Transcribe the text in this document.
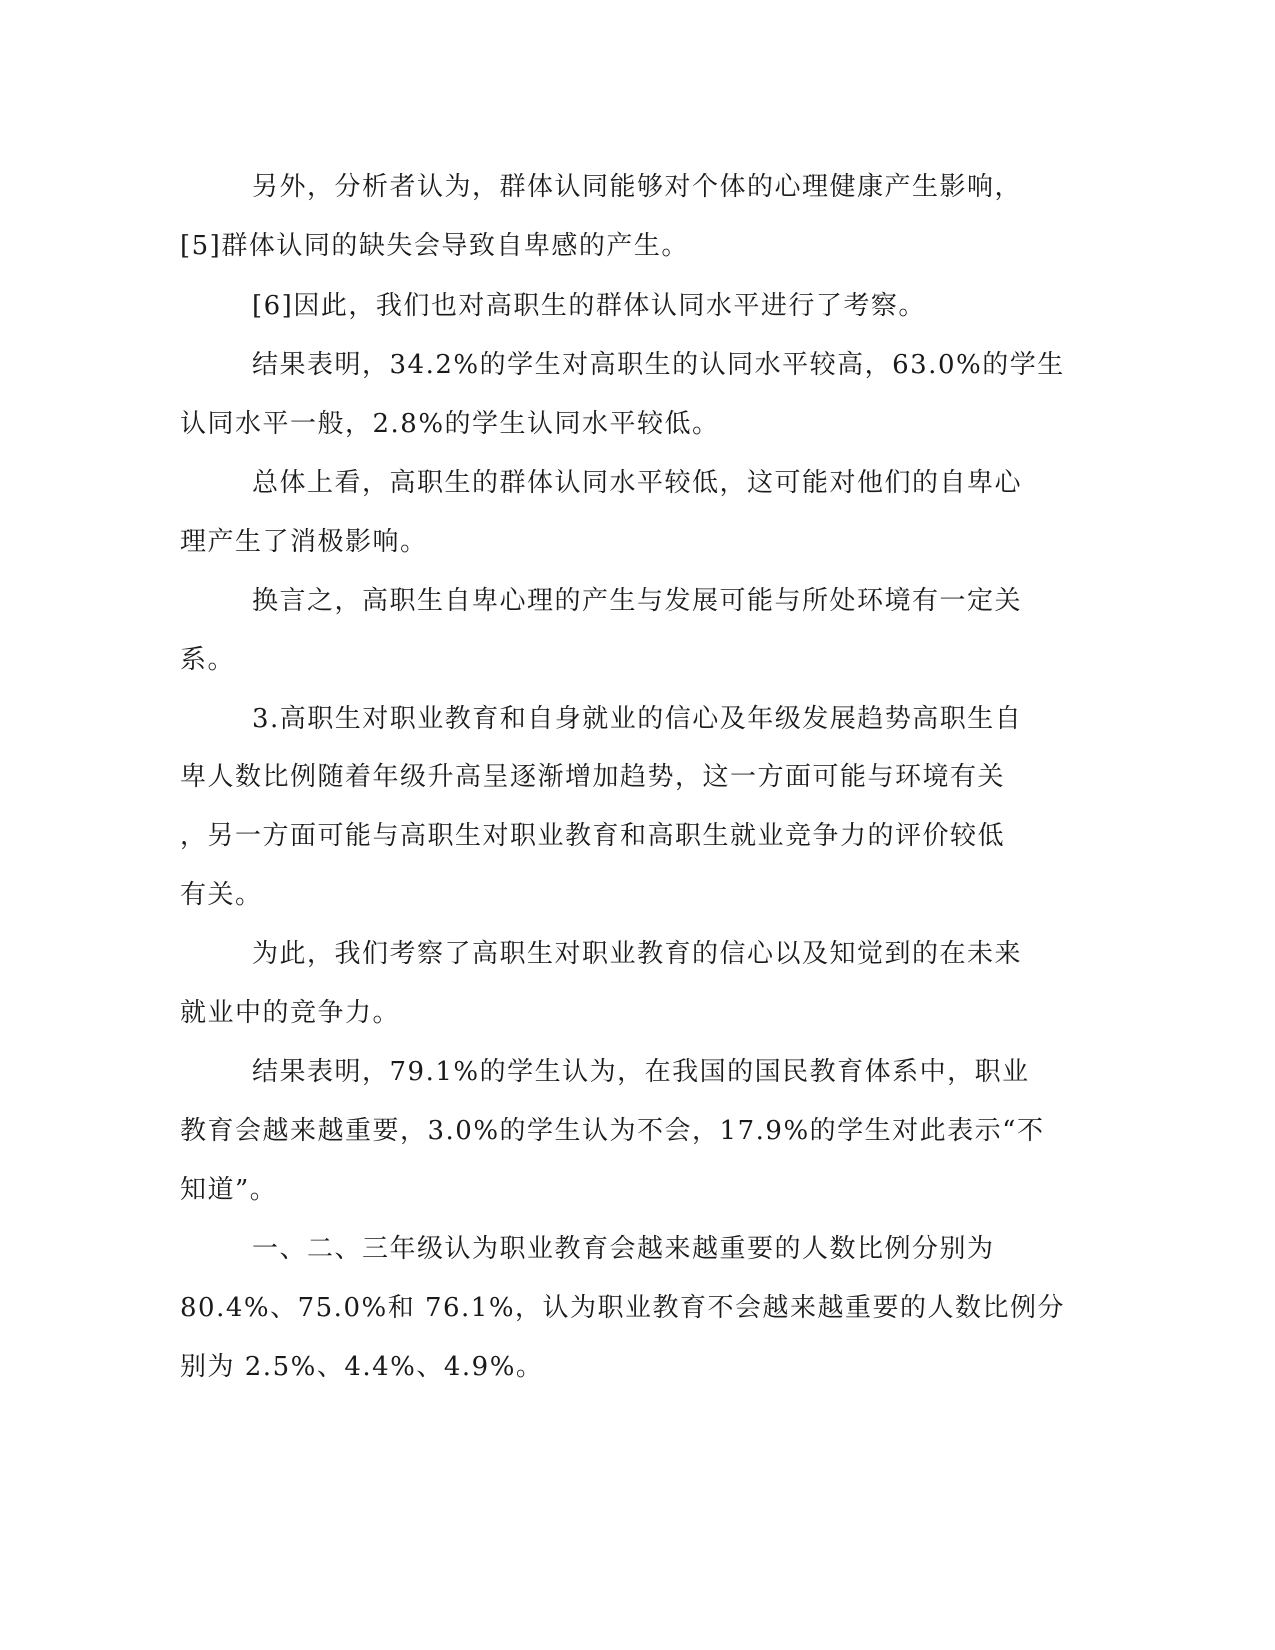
另外，分析者认为，群体认同能够对个体的心理健康产生影响，
[5]群体认同的缺失会导致自卑感的产生。
[6]因此，我们也对高职生的群体认同水平进行了考察。
结果表明，34.2%的学生对高职生的认同水平较高，63.0%的学生
认同水平一般，2.8%的学生认同水平较低。
总体上看，高职生的群体认同水平较低，这可能对他们的自卑心
理产生了消极影响。
换言之，高职生自卑心理的产生与发展可能与所处环境有一定关
系。
3.高职生对职业教育和自身就业的信心及年级发展趋势高职生自
卑人数比例随着年级升高呈逐渐增加趋势，这一方面可能与环境有关
，另一方面可能与高职生对职业教育和高职生就业竞争力的评价较低
有关。
为此，我们考察了高职生对职业教育的信心以及知觉到的在未来
就业中的竞争力。
结果表明，79.1%的学生认为，在我国的国民教育体系中，职业
教育会越来越重要，3.0%的学生认为不会，17.9%的学生对此表示“不
知道”。
一、二、三年级认为职业教育会越来越重要的人数比例分别为
80.4%、75.0%和 76.1%，认为职业教育不会越来越重要的人数比例分
别为 2.5%、4.4%、4.9%。
